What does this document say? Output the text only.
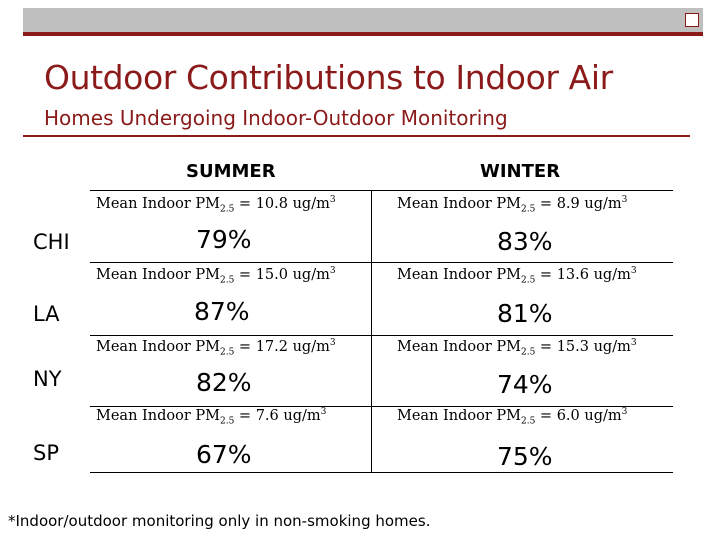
Outdoor Contributions to Indoor Air
Homes Undergoing Indoor-Outdoor Monitoring
SUMMER	WINTER
CHI
Mean Indoor $PM_{2.5} = 10.8$ $ug/m^3$	Mean Indoor $PM_{2.5} = 8.9$ $ug/m^3$
79%	83%
LA
Mean Indoor $PM_{2.5} = 15.0$ $ug/m^3$	Mean Indoor $PM_{2.5} = 13.6$ $ug/m^3$
87%	81%
NY
Mean Indoor $PM_{2.5} = 17.2$ $ug/m^3$	Mean Indoor $PM_{2.5} = 15.3$ $ug/m^3$
82%	74%
SP
Mean Indoor $PM_{2.5} = 7.6$ $ug/m^3$	Mean Indoor $PM_{2.5} = 6.0$ $ug/m^3$
67%	75%
*Indoor/outdoor monitoring only in non-smoking homes.
